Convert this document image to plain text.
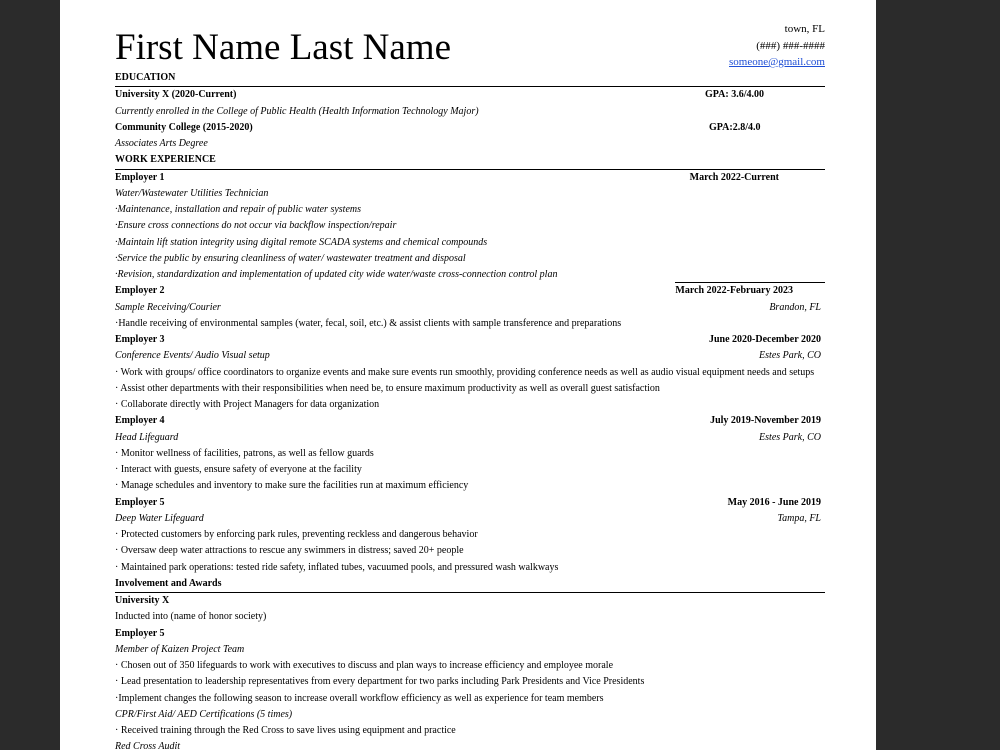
First Name Last Name	town, FL
(###) ###-####
someone@gmail.com
EDUCATION
University X (2020-Current)	GPA: 3.6/4.00
Currently enrolled in the College of Public Health (Health Information Technology Major)
Community College (2015-2020)	GPA:2.8/4.0
Associates Arts Degree
WORK EXPERIENCE
Employer 1	March 2022-Current
Water/Wastewater Utilities Technician
·Maintenance, installation and repair of public water systems
·Ensure cross connections do not occur via backflow inspection/repair
·Maintain lift station integrity using digital remote SCADA systems and chemical compounds
·Service the public by ensuring cleanliness of water/ wastewater treatment and disposal
·Revision, standardization and implementation of updated city wide water/waste cross-connection control plan
Employer 2	March 2022-February 2023
Sample Receiving/Courier	Brandon, FL
·Handle receiving of environmental samples (water, fecal, soil, etc.) & assist clients with sample transference and preparations
Employer 3	June 2020-December 2020
Conference Events/ Audio Visual setup	Estes Park, CO
· Work with groups/ office coordinators to organize events and make sure events run smoothly, providing conference needs as well as audio visual equipment needs and setups
· Assist other departments with their responsibilities when need be, to ensure maximum productivity as well as overall guest satisfaction
· Collaborate directly with Project Managers for data organization
Employer 4	July 2019-November 2019
Head Lifeguard	Estes Park, CO
· Monitor wellness of facilities, patrons, as well as fellow guards
· Interact with guests, ensure safety of everyone at the facility
· Manage schedules and inventory to make sure the facilities run at maximum efficiency
Employer 5	May 2016 - June 2019
Deep Water Lifeguard	Tampa, FL
· Protected customers by enforcing park rules, preventing reckless and dangerous behavior
· Oversaw deep water attractions to rescue any swimmers in distress; saved 20+ people
· Maintained park operations: tested ride safety, inflated tubes, vacuumed pools, and pressured wash walkways
Involvement and Awards
University X
Inducted into (name of honor society)
Employer 5
Member of Kaizen Project Team
· Chosen out of 350 lifeguards to work with executives to discuss and plan ways to increase efficiency and employee morale
· Lead presentation to leadership representatives from every department for two parks including Park Presidents and Vice Presidents
·Implement changes the following season to increase overall workflow efficiency as well as experience for team members
CPR/First Aid/ AED Certifications (5 times)
· Received training through the Red Cross to save lives using equipment and practice
Red Cross Audit
